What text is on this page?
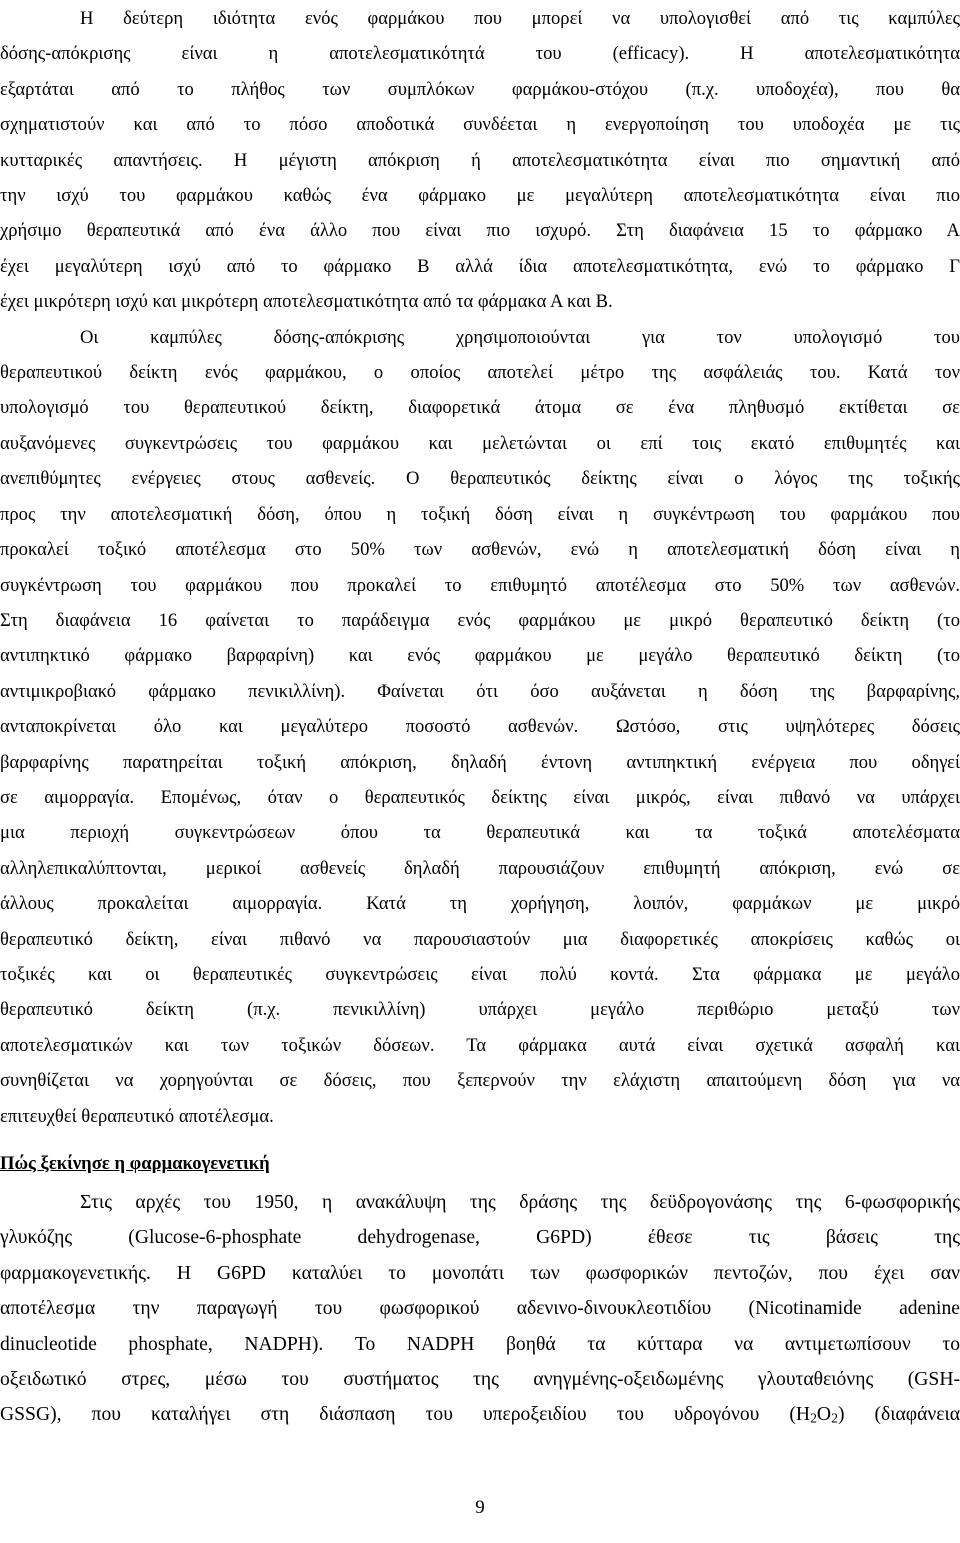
Η δεύτερη ιδιότητα ενός φαρμάκου που μπορεί να υπολογισθεί από τις καμπύλες
δόσης-απόκρισης είναι η αποτελεσματικότητά του (efficacy). Η αποτελεσματικότητα
εξαρτάται από το πλήθος των συμπλόκων φαρμάκου-στόχου (π.χ. υποδοχέα), που θα
σχηματιστούν και από το πόσο αποδοτικά συνδέεται η ενεργοποίηση του υποδοχέα με τις
κυτταρικές απαντήσεις. Η μέγιστη απόκριση ή αποτελεσματικότητα είναι πιο σημαντική από
την ισχύ του φαρμάκου καθώς ένα φάρμακο με μεγαλύτερη αποτελεσματικότητα είναι πιο
χρήσιμο θεραπευτικά από ένα άλλο που είναι πιο ισχυρό. Στη διαφάνεια 15 το φάρμακο Α
έχει μεγαλύτερη ισχύ από το φάρμακο Β αλλά ίδια αποτελεσματικότητα, ενώ το φάρμακο Γ
έχει μικρότερη ισχύ και μικρότερη αποτελεσματικότητα από τα φάρμακα Α και Β.
Οι καμπύλες δόσης-απόκρισης χρησιμοποιούνται για τον υπολογισμό του
θεραπευτικού δείκτη ενός φαρμάκου, ο οποίος αποτελεί μέτρο της ασφάλειάς του. Κατά τον
υπολογισμό του θεραπευτικού δείκτη, διαφορετικά άτομα σε ένα πληθυσμό εκτίθεται σε
αυξανόμενες συγκεντρώσεις του φαρμάκου και μελετώνται οι επί τοις εκατό επιθυμητές και
ανεπιθύμητες ενέργειες στους ασθενείς. Ο θεραπευτικός δείκτης είναι ο λόγος της τοξικής
προς την αποτελεσματική δόση, όπου η τοξική δόση είναι η συγκέντρωση του φαρμάκου που
προκαλεί τοξικό αποτέλεσμα στο 50% των ασθενών, ενώ η αποτελεσματική δόση είναι η
συγκέντρωση του φαρμάκου που προκαλεί το επιθυμητό αποτέλεσμα στο 50% των ασθενών.
Στη διαφάνεια 16 φαίνεται το παράδειγμα ενός φαρμάκου με μικρό θεραπευτικό δείκτη (το
αντιπηκτικό φάρμακο βαρφαρίνη) και ενός φαρμάκου με μεγάλο θεραπευτικό δείκτη (το
αντιμικροβιακό φάρμακο πενικιλλίνη). Φαίνεται ότι όσο αυξάνεται η δόση της βαρφαρίνης,
ανταποκρίνεται όλο και μεγαλύτερο ποσοστό ασθενών. Ωστόσο, στις υψηλότερες δόσεις
βαρφαρίνης παρατηρείται τοξική απόκριση, δηλαδή έντονη αντιπηκτική ενέργεια που οδηγεί
σε αιμορραγία. Επομένως, όταν ο θεραπευτικός δείκτης είναι μικρός, είναι πιθανό να υπάρχει
μια περιοχή συγκεντρώσεων όπου τα θεραπευτικά και τα τοξικά αποτελέσματα
αλληλεπικαλύπτονται, μερικοί ασθενείς δηλαδή παρουσιάζουν επιθυμητή απόκριση, ενώ σε
άλλους προκαλείται αιμορραγία. Κατά τη χορήγηση, λοιπόν, φαρμάκων με μικρό
θεραπευτικό δείκτη, είναι πιθανό να παρουσιαστούν μια διαφορετικές αποκρίσεις καθώς οι
τοξικές και οι θεραπευτικές συγκεντρώσεις είναι πολύ κοντά. Στα φάρμακα με μεγάλο
θεραπευτικό δείκτη (π.χ. πενικιλλίνη) υπάρχει μεγάλο περιθώριο μεταξύ των
αποτελεσματικών και των τοξικών δόσεων. Τα φάρμακα αυτά είναι σχετικά ασφαλή και
συνηθίζεται να χορηγούνται σε δόσεις, που ξεπερνούν την ελάχιστη απαιτούμενη δόση για να
επιτευχθεί θεραπευτικό αποτέλεσμα.
Πώς ξεκίνησε η φαρμακογενετική
Στις αρχές του 1950, η ανακάλυψη της δράσης της δεϋδρογονάσης της 6-φωσφορικής
γλυκόζης (Glucose-6-phosphate dehydrogenase, G6PD) έθεσε τις βάσεις της
φαρμακογενετικής. Η G6PD καταλύει το μονοπάτι των φωσφορικών πεντοζών, που έχει σαν
αποτέλεσμα την παραγωγή του φωσφορικού αδενινο-δινουκλεοτιδίου (Nicotinamide adenine
dinucleotide phosphate, NADPH). Το NADPH βοηθά τα κύτταρα να αντιμετωπίσουν το
οξειδωτικό στρες, μέσω του συστήματος της ανηγμένης-οξειδωμένης γλουταθειόνης (GSH-
GSSG), που καταλήγει στη διάσπαση του υπεροξειδίου του υδρογόνου $(H_2O_2)$ (διαφάνεια
9
